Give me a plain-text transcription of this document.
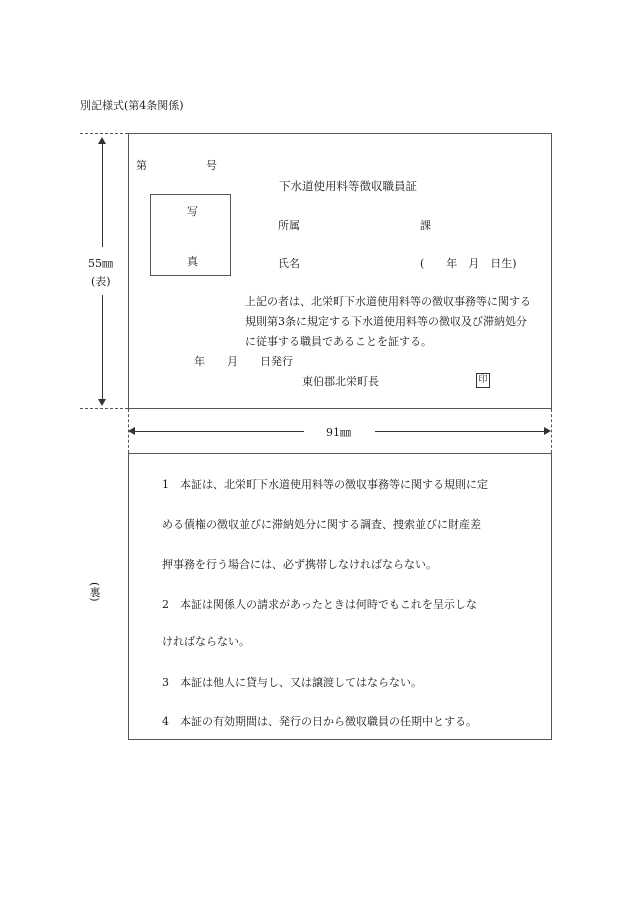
別記様式(第4条関係)
55㎜
(表)
第	号
下水道使用料等徴収職員証
写
真
所属	課
氏名	(　　年　月　日生)
上記の者は、北栄町下水道使用料等の徴収事務等に関する
規則第3条に規定する下水道使用料等の徴収及び滞納処分
に従事する職員であることを証する。
年　　月　　日発行
東伯郡北栄町長	印
91㎜
(裏)
1　本証は、北栄町下水道使用料等の徴収事務等に関する規則に定
める債権の徴収並びに滞納処分に関する調査、捜索並びに財産差
押事務を行う場合には、必ず携帯しなければならない。
2　本証は関係人の請求があったときは何時でもこれを呈示しな
ければならない。
3　本証は他人に貸与し、又は譲渡してはならない。
4　本証の有効期間は、発行の日から徴収職員の任期中とする。
